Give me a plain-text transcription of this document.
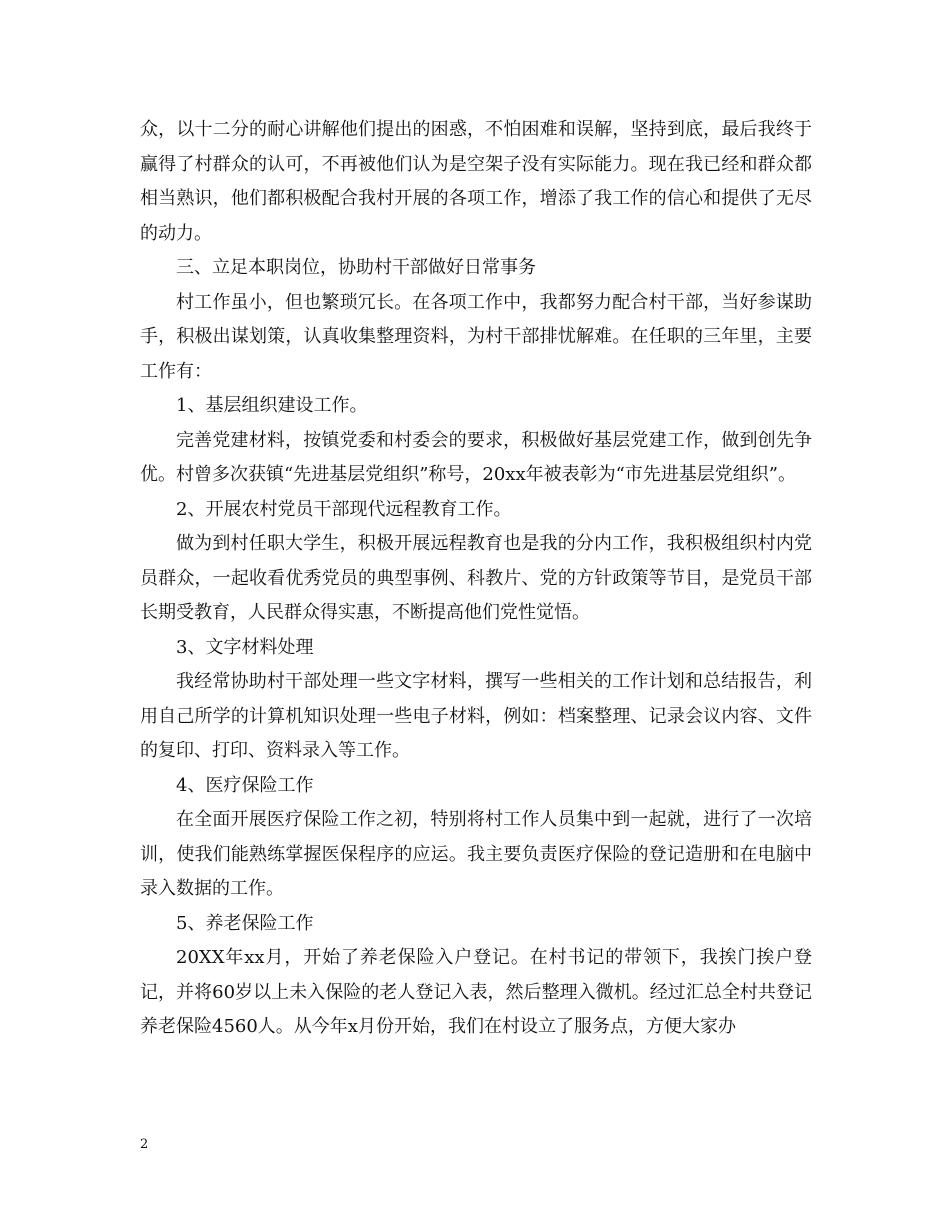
众，以十二分的耐心讲解他们提出的困惑，不怕困难和误解，坚持到底，最后我终于赢得了村群众的认可，不再被他们认为是空架子没有实际能力。现在我已经和群众都相当熟识，他们都积极配合我村开展的各项工作，增添了我工作的信心和提供了无尽的动力。

三、立足本职岗位，协助村干部做好日常事务

村工作虽小，但也繁琐冗长。在各项工作中，我都努力配合村干部，当好参谋助手，积极出谋划策，认真收集整理资料，为村干部排忧解难。在任职的三年里，主要工作有：

1、基层组织建设工作。

完善党建材料，按镇党委和村委会的要求，积极做好基层党建工作，做到创先争优。村曾多次获镇“先进基层党组织”称号，20xx年被表彰为“市先进基层党组织”。

2、开展农村党员干部现代远程教育工作。

做为到村任职大学生，积极开展远程教育也是我的分内工作，我积极组织村内党员群众，一起收看优秀党员的典型事例、科教片、党的方针政策等节目，是党员干部长期受教育，人民群众得实惠，不断提高他们党性觉悟。

3、文字材料处理

我经常协助村干部处理一些文字材料，撰写一些相关的工作计划和总结报告，利用自己所学的计算机知识处理一些电子材料，例如：档案整理、记录会议内容、文件的复印、打印、资料录入等工作。

4、医疗保险工作

在全面开展医疗保险工作之初，特别将村工作人员集中到一起就，进行了一次培训，使我们能熟练掌握医保程序的应运。我主要负责医疗保险的登记造册和在电脑中录入数据的工作。

5、养老保险工作

20XX年xx月，开始了养老保险入户登记。在村书记的带领下，我挨门挨户登记，并将60岁以上未入保险的老人登记入表，然后整理入微机。经过汇总全村共登记养老保险4560人。从今年x月份开始，我们在村设立了服务点，方便大家办

2
